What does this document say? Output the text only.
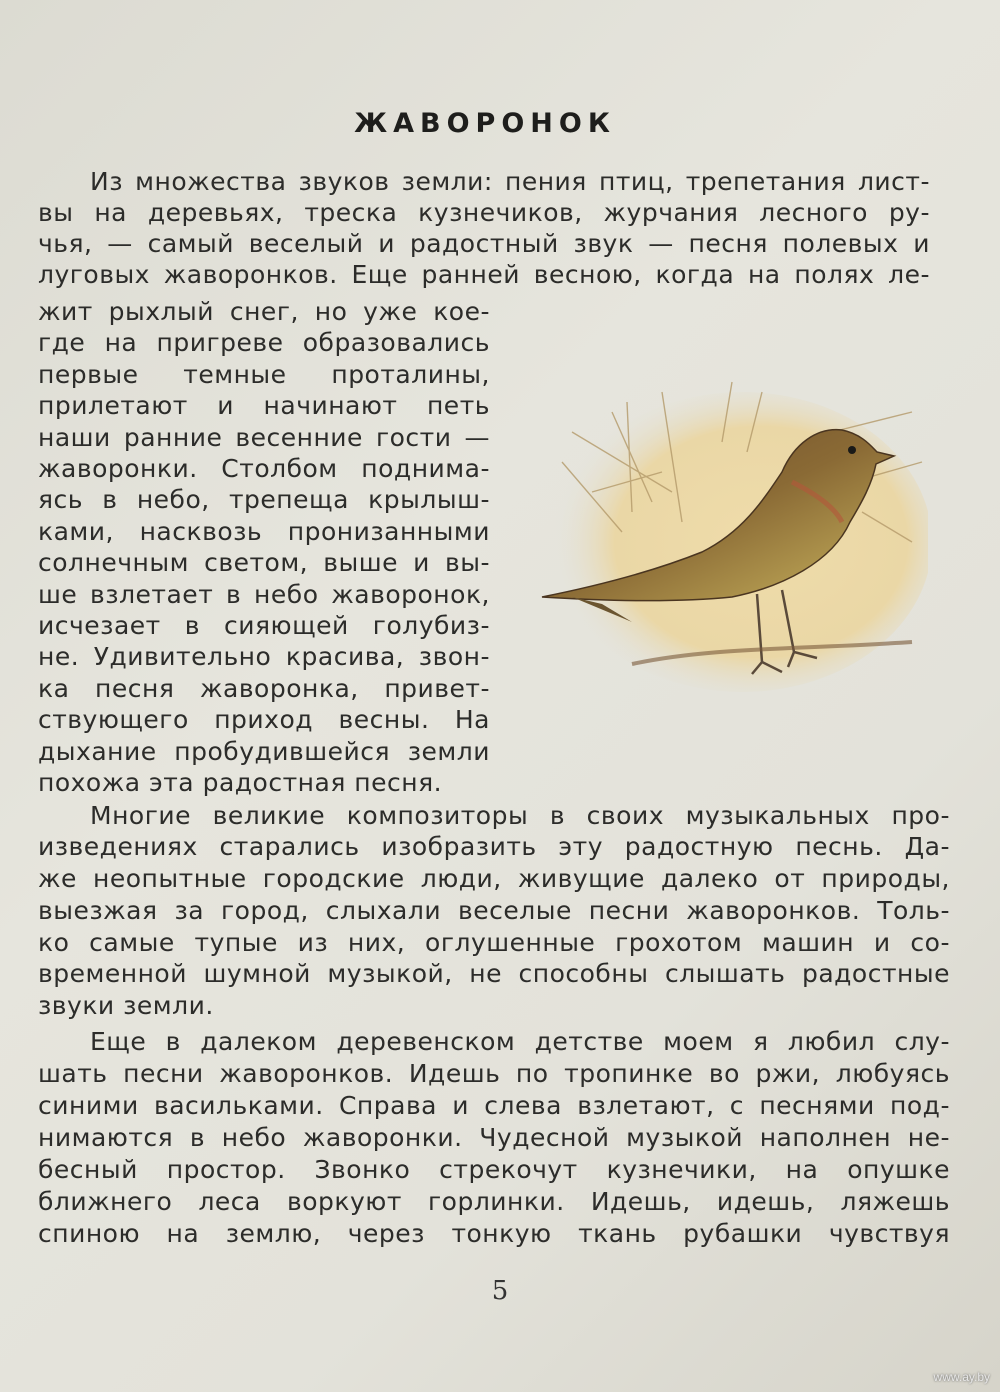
ЖАВОРОНОК
Из множества звуков земли: пения птиц, трепетания лист-
вы на деревьях, треска кузнечиков, журчания лесного ру-
чья, — самый веселый и радостный звук — песня полевых и
луговых жаворонков. Еще ранней весною, когда на полях ле-
жит рыхлый снег, но уже кое-
где на пригреве образовались
первые темные проталины,
прилетают и начинают петь
наши ранние весенние гости —
жаворонки. Столбом поднима-
ясь в небо, трепеща крылыш-
ками, насквозь пронизанными
солнечным светом, выше и вы-
ше взлетает в небо жаворонок,
исчезает в сияющей голубиз-
не. Удивительно красива, звон-
ка песня жаворонка, привет-
ствующего приход весны. На
дыхание пробудившейся земли
похожа эта радостная песня.
Многие великие композиторы в своих музыкальных про-
изведениях старались изобразить эту радостную песнь. Да-
же неопытные городские люди, живущие далеко от природы,
выезжая за город, слыхали веселые песни жаворонков. Толь-
ко самые тупые из них, оглушенные грохотом машин и со-
временной шумной музыкой, не способны слышать радостные
звуки земли.
Еще в далеком деревенском детстве моем я любил слу-
шать песни жаворонков. Идешь по тропинке во ржи, любуясь
синими васильками. Справа и слева взлетают, с песнями под-
нимаются в небо жаворонки. Чудесной музыкой наполнен не-
бесный простор. Звонко стрекочут кузнечики, на опушке
ближнего леса воркуют горлинки. Идешь, идешь, ляжешь
спиною на землю, через тонкую ткань рубашки чувствуя
5
www.ay.by
